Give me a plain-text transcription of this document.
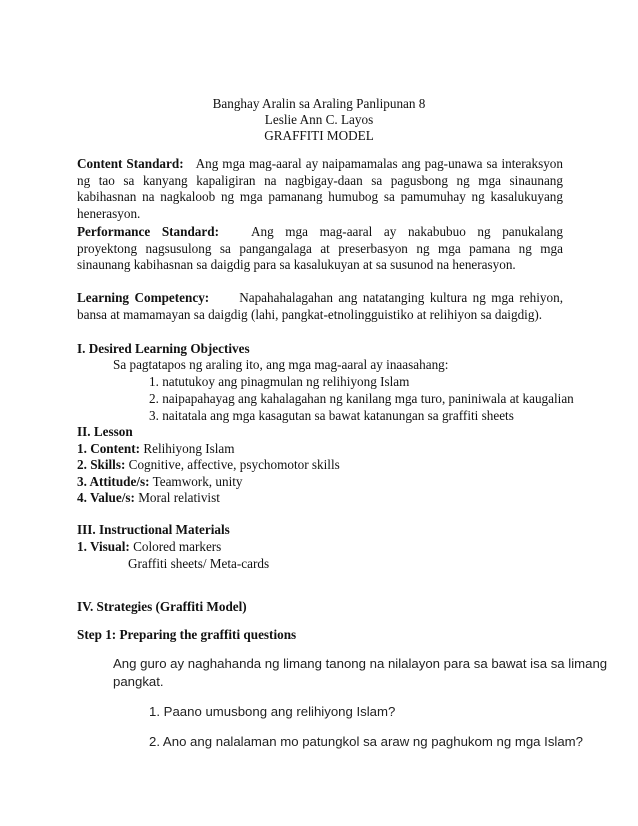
Banghay Aralin sa Araling Panlipunan 8
Leslie Ann C. Layos
GRAFFITI MODEL
Content Standard: Ang mga mag-aaral ay naipamamalas ang pag-unawa sa interaksyon ng tao sa kanyang kapaligiran na nagbigay-daan sa pagusbong ng mga sinaunang kabihasnan na nagkaloob ng mga pamanang humubog sa pamumuhay ng kasalukuyang henerasyon.
Performance Standard: Ang mga mag-aaral ay nakabubuo ng panukalang proyektong nagsusulong sa pangangalaga at preserbasyon ng mga pamana ng mga sinaunang kabihasnan sa daigdig para sa kasalukuyan at sa susunod na henerasyon.
Learning Competency: Napahahalagahan ang natatanging kultura ng mga rehiyon, bansa at mamamayan sa daigdig (lahi, pangkat-etnolingguistiko at relihiyon sa daigdig).
I. Desired Learning Objectives
Sa pagtatapos ng araling ito, ang mga mag-aaral ay inaasahang:
1. natutukoy ang pinagmulan ng relihiyong Islam
2. naipapahayag ang kahalagahan ng kanilang mga turo, paniniwala at kaugalian
3. naitatala ang mga kasagutan sa bawat katanungan sa graffiti sheets
II. Lesson
1. Content: Relihiyong Islam
2. Skills: Cognitive, affective, psychomotor skills
3. Attitude/s: Teamwork, unity
4. Value/s: Moral relativist
III. Instructional Materials
1. Visual: Colored markers
Graffiti sheets/ Meta-cards
IV. Strategies (Graffiti Model)
Step 1: Preparing the graffiti questions
Ang guro ay naghahanda ng limang tanong na nilalayon para sa bawat isa sa limang
pangkat.
1. Paano umusbong ang relihiyong Islam?
2. Ano ang nalalaman mo patungkol sa araw ng paghukom ng mga Islam?
